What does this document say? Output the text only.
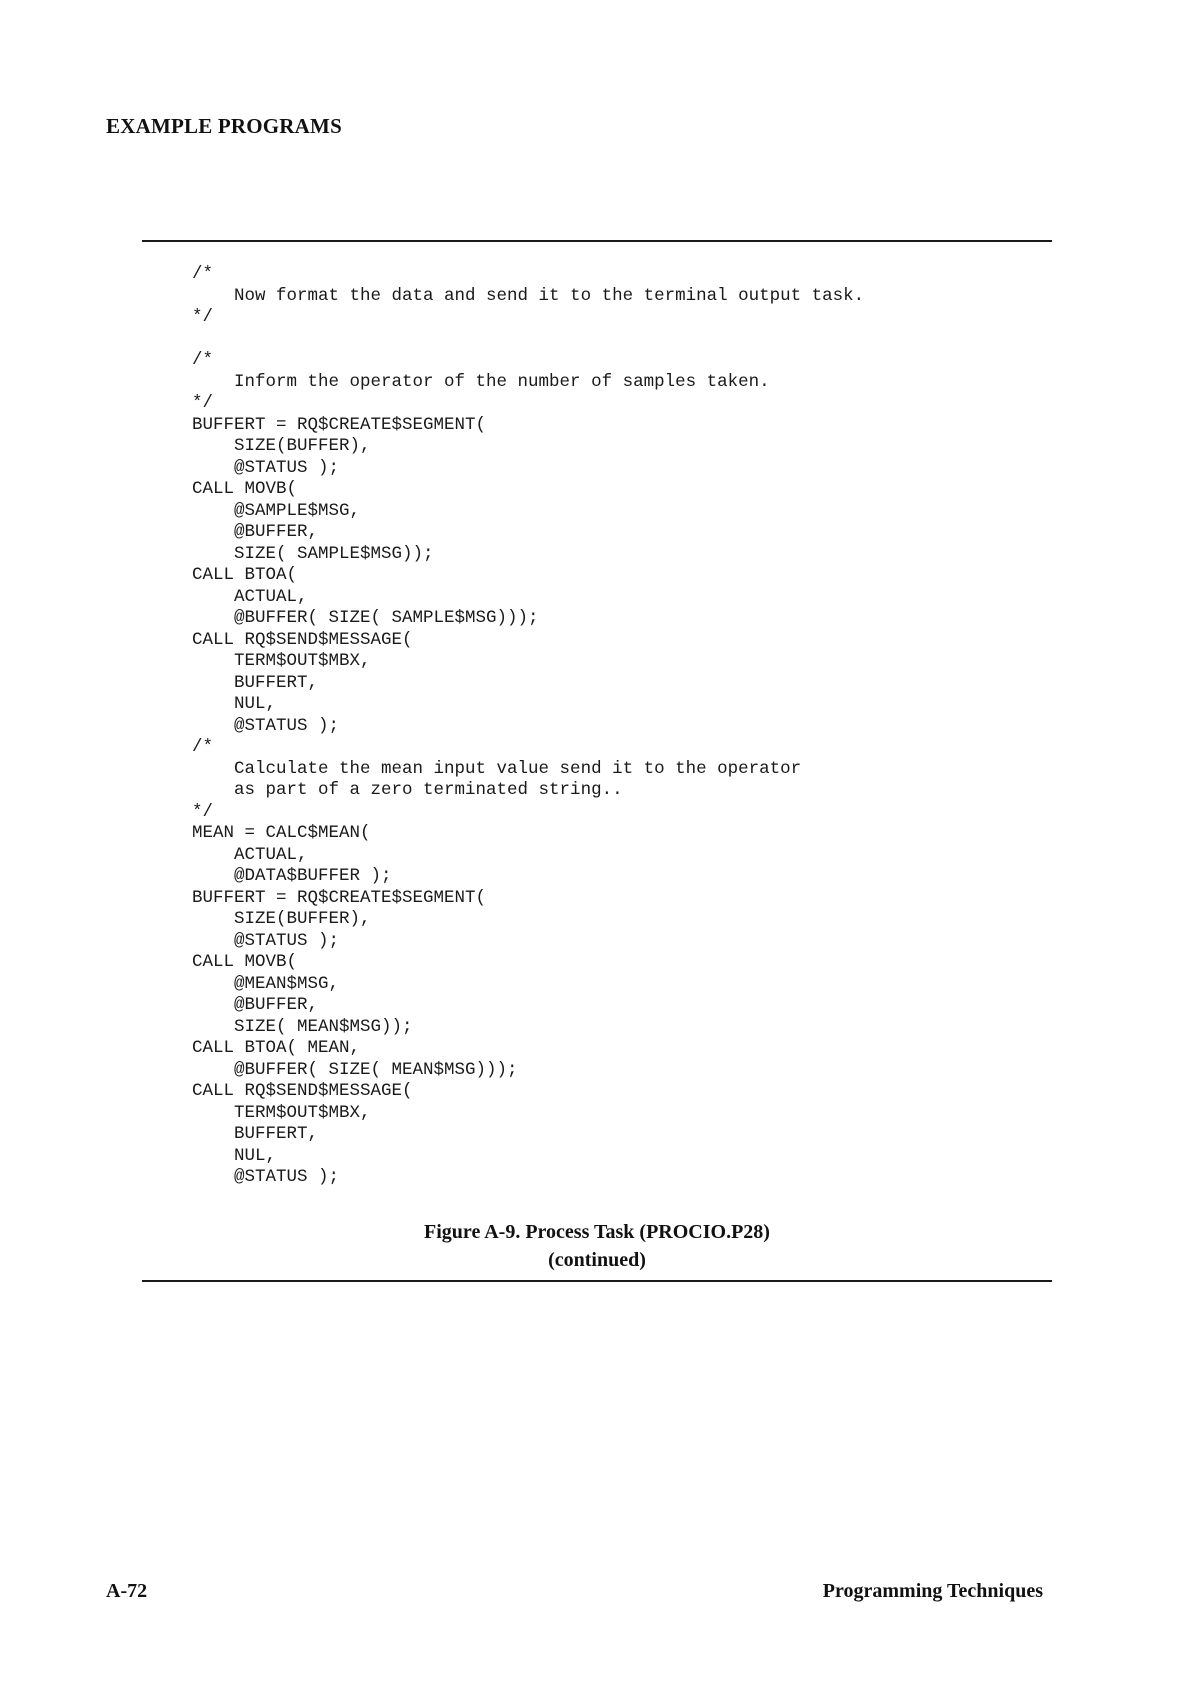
EXAMPLE PROGRAMS
/*
Now format the data and send it to the terminal output task.
*/
/*
Inform the operator of the number of samples taken.
*/
BUFFERT = RQ$CREATE$SEGMENT(
SIZE(BUFFER),
@STATUS );
CALL MOVB(
@SAMPLE$MSG,
@BUFFER,
SIZE( SAMPLE$MSG));
CALL BTOA(
ACTUAL,
@BUFFER( SIZE( SAMPLE$MSG)));
CALL RQ$SEND$MESSAGE(
TERM$OUT$MBX,
BUFFERT,
NUL,
@STATUS );
/*
Calculate the mean input value send it to the operator
as part of a zero terminated string..
*/
MEAN = CALC$MEAN(
ACTUAL,
@DATA$BUFFER );
BUFFERT = RQ$CREATE$SEGMENT(
SIZE(BUFFER),
@STATUS );
CALL MOVB(
@MEAN$MSG,
@BUFFER,
SIZE( MEAN$MSG));
CALL BTOA( MEAN,
@BUFFER( SIZE( MEAN$MSG)));
CALL RQ$SEND$MESSAGE(
TERM$OUT$MBX,
BUFFERT,
NUL,
@STATUS );
Figure A-9. Process Task (PROCIO.P28)
(continued)
A-72	Programming Techniques
